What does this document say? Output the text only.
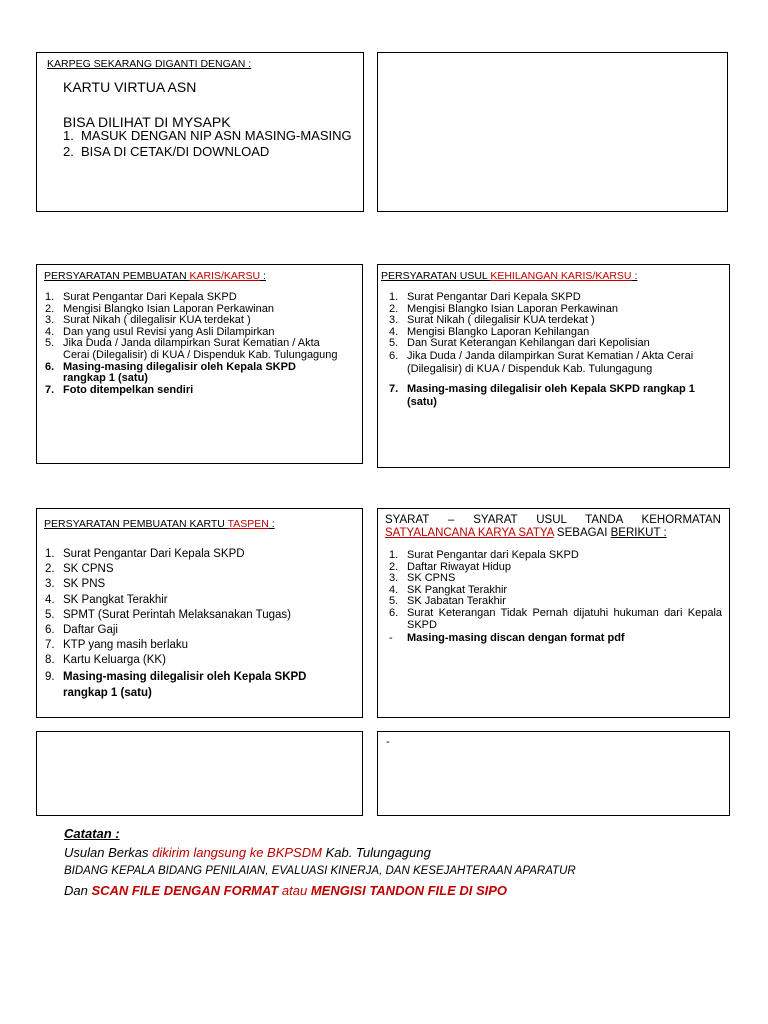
KARPEG SEKARANG DIGANTI DENGAN :
KARTU VIRTUA ASN
BISA DILIHAT DI MYSAPK
1. MASUK DENGAN NIP ASN MASING-MASING
2. BISA DI CETAK/DI DOWNLOAD
PERSYARATAN PEMBUATAN KARIS/KARSU :
1. Surat Pengantar Dari Kepala SKPD
2. Mengisi Blangko Isian Laporan Perkawinan
3. Surat Nikah ( dilegalisir KUA terdekat )
4. Dan yang usul Revisi yang Asli Dilampirkan
5. Jika Duda / Janda dilampirkan Surat Kematian / Akta Cerai (Dilegalisir) di KUA / Dispenduk Kab. Tulungagung
6. Masing-masing dilegalisir oleh Kepala SKPD rangkap 1 (satu)
7. Foto ditempelkan sendiri
PERSYARATAN USUL KEHILANGAN KARIS/KARSU :
1. Surat Pengantar Dari Kepala SKPD
2. Mengisi Blangko Isian Laporan Perkawinan
3. Surat Nikah ( dilegalisir KUA terdekat )
4. Mengisi Blangko Laporan Kehilangan
5. Dan Surat Keterangan Kehilangan dari Kepolisian
6. Jika Duda / Janda dilampirkan Surat Kematian / Akta Cerai (Dilegalisir) di KUA / Dispenduk Kab. Tulungagung
7. Masing-masing dilegalisir oleh Kepala SKPD rangkap 1 (satu)
PERSYARATAN PEMBUATAN KARTU TASPEN :
1. Surat Pengantar Dari Kepala SKPD
2. SK CPNS
3. SK PNS
4. SK Pangkat Terakhir
5. SPMT (Surat Perintah Melaksanakan Tugas)
6. Daftar Gaji
7. KTP yang masih berlaku
8. Kartu Keluarga (KK)
9. Masing-masing dilegalisir oleh Kepala SKPD rangkap 1 (satu)
SYARAT – SYARAT USUL TANDA KEHORMATAN
SATYALANCANA KARYA SATYA SEBAGAI BERIKUT :
1. Surat Pengantar dari Kepala SKPD
2. Daftar Riwayat Hidup
3. SK CPNS
4. SK Pangkat Terakhir
5. SK Jabatan Terakhir
6. Surat Keterangan Tidak Pernah dijatuhi hukuman dari Kepala SKPD
- Masing-masing discan dengan format pdf
-
Catatan :
Usulan Berkas dikirim langsung ke BKPSDM Kab. Tulungagung
BIDANG KEPALA BIDANG PENILAIAN, EVALUASI KINERJA, DAN KESEJAHTERAAN APARATUR
Dan SCAN FILE DENGAN FORMAT atau MENGISI TANDON FILE DI SIPO
